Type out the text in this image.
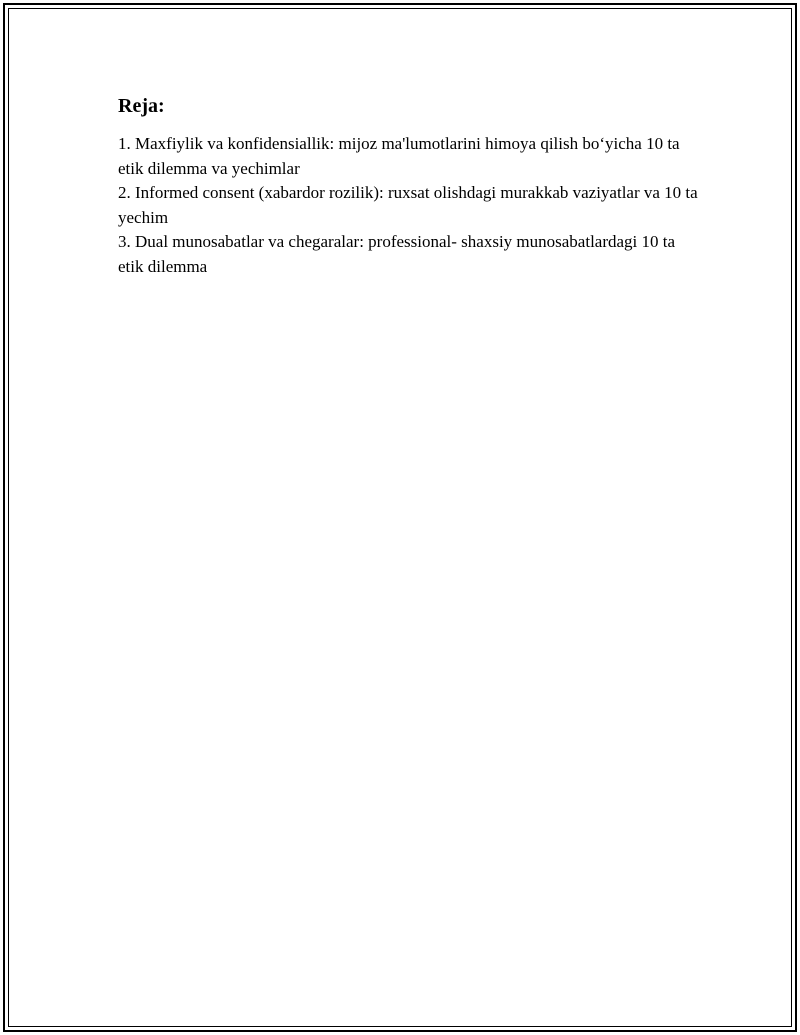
Reja:
1. Maxfiylik va konfidensiallik: mijoz ma'lumotlarini himoya qilish bo‘yicha 10 ta etik dilemma va yechimlar
2. Informed consent (xabardor rozilik): ruxsat olishdagi murakkab vaziyatlar va 10 ta yechim
3. Dual munosabatlar va chegaralar: professional- shaxsiy munosabatlardagi 10 ta etik dilemma
